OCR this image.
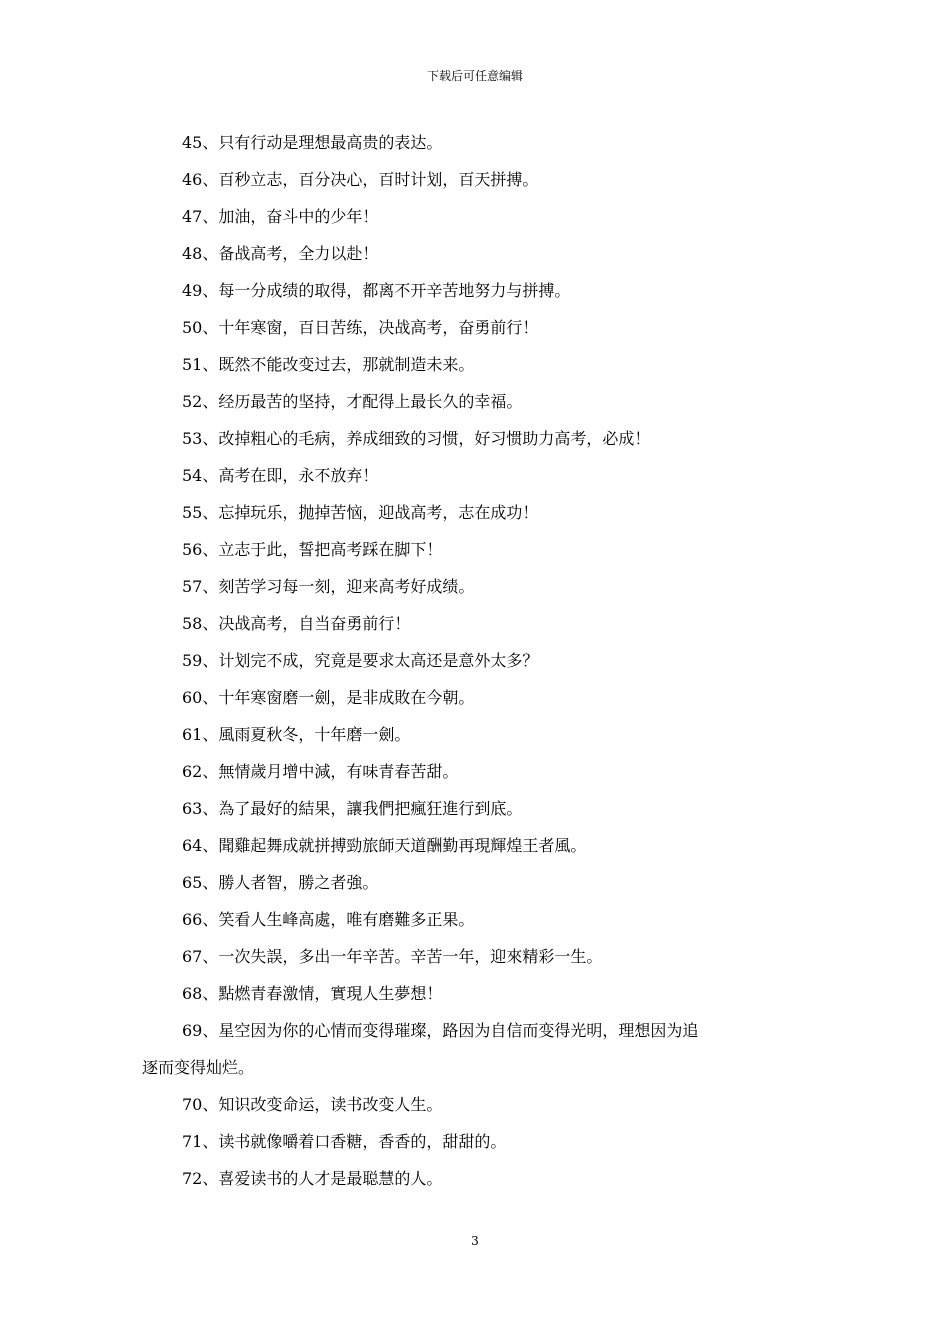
下载后可任意编辑
45、只有行动是理想最高贵的表达。
46、百秒立志，百分决心，百时计划，百天拼搏。
47、加油，奋斗中的少年！
48、备战高考，全力以赴！
49、每一分成绩的取得，都离不开辛苦地努力与拼搏。
50、十年寒窗，百日苦练，决战高考，奋勇前行！
51、既然不能改变过去，那就制造未来。
52、经历最苦的坚持，才配得上最长久的幸福。
53、改掉粗心的毛病，养成细致的习惯，好习惯助力高考，必成！
54、高考在即，永不放弃！
55、忘掉玩乐，抛掉苦恼，迎战高考，志在成功！
56、立志于此，誓把高考踩在脚下！
57、刻苦学习每一刻，迎来高考好成绩。
58、决战高考，自当奋勇前行！
59、计划完不成，究竟是要求太高还是意外太多？
60、十年寒窗磨一劍，是非成敗在今朝。
61、風雨夏秋冬，十年磨一劍。
62、無情歲月增中減，有味青春苦甜。
63、為了最好的結果，讓我們把瘋狂進行到底。
64、聞雞起舞成就拼搏勁旅師天道酬勤再現輝煌王者風。
65、勝人者智，勝之者強。
66、笑看人生峰高處，唯有磨難多正果。
67、一次失誤，多出一年辛苦。辛苦一年，迎來精彩一生。
68、點燃青春激情，實現人生夢想！
69、星空因为你的心情而变得璀璨，路因为自信而变得光明，理想因为追
逐而变得灿烂。
70、知识改变命运，读书改变人生。
71、读书就像嚼着口香糖，香香的，甜甜的。
72、喜爱读书的人才是最聪慧的人。
3
